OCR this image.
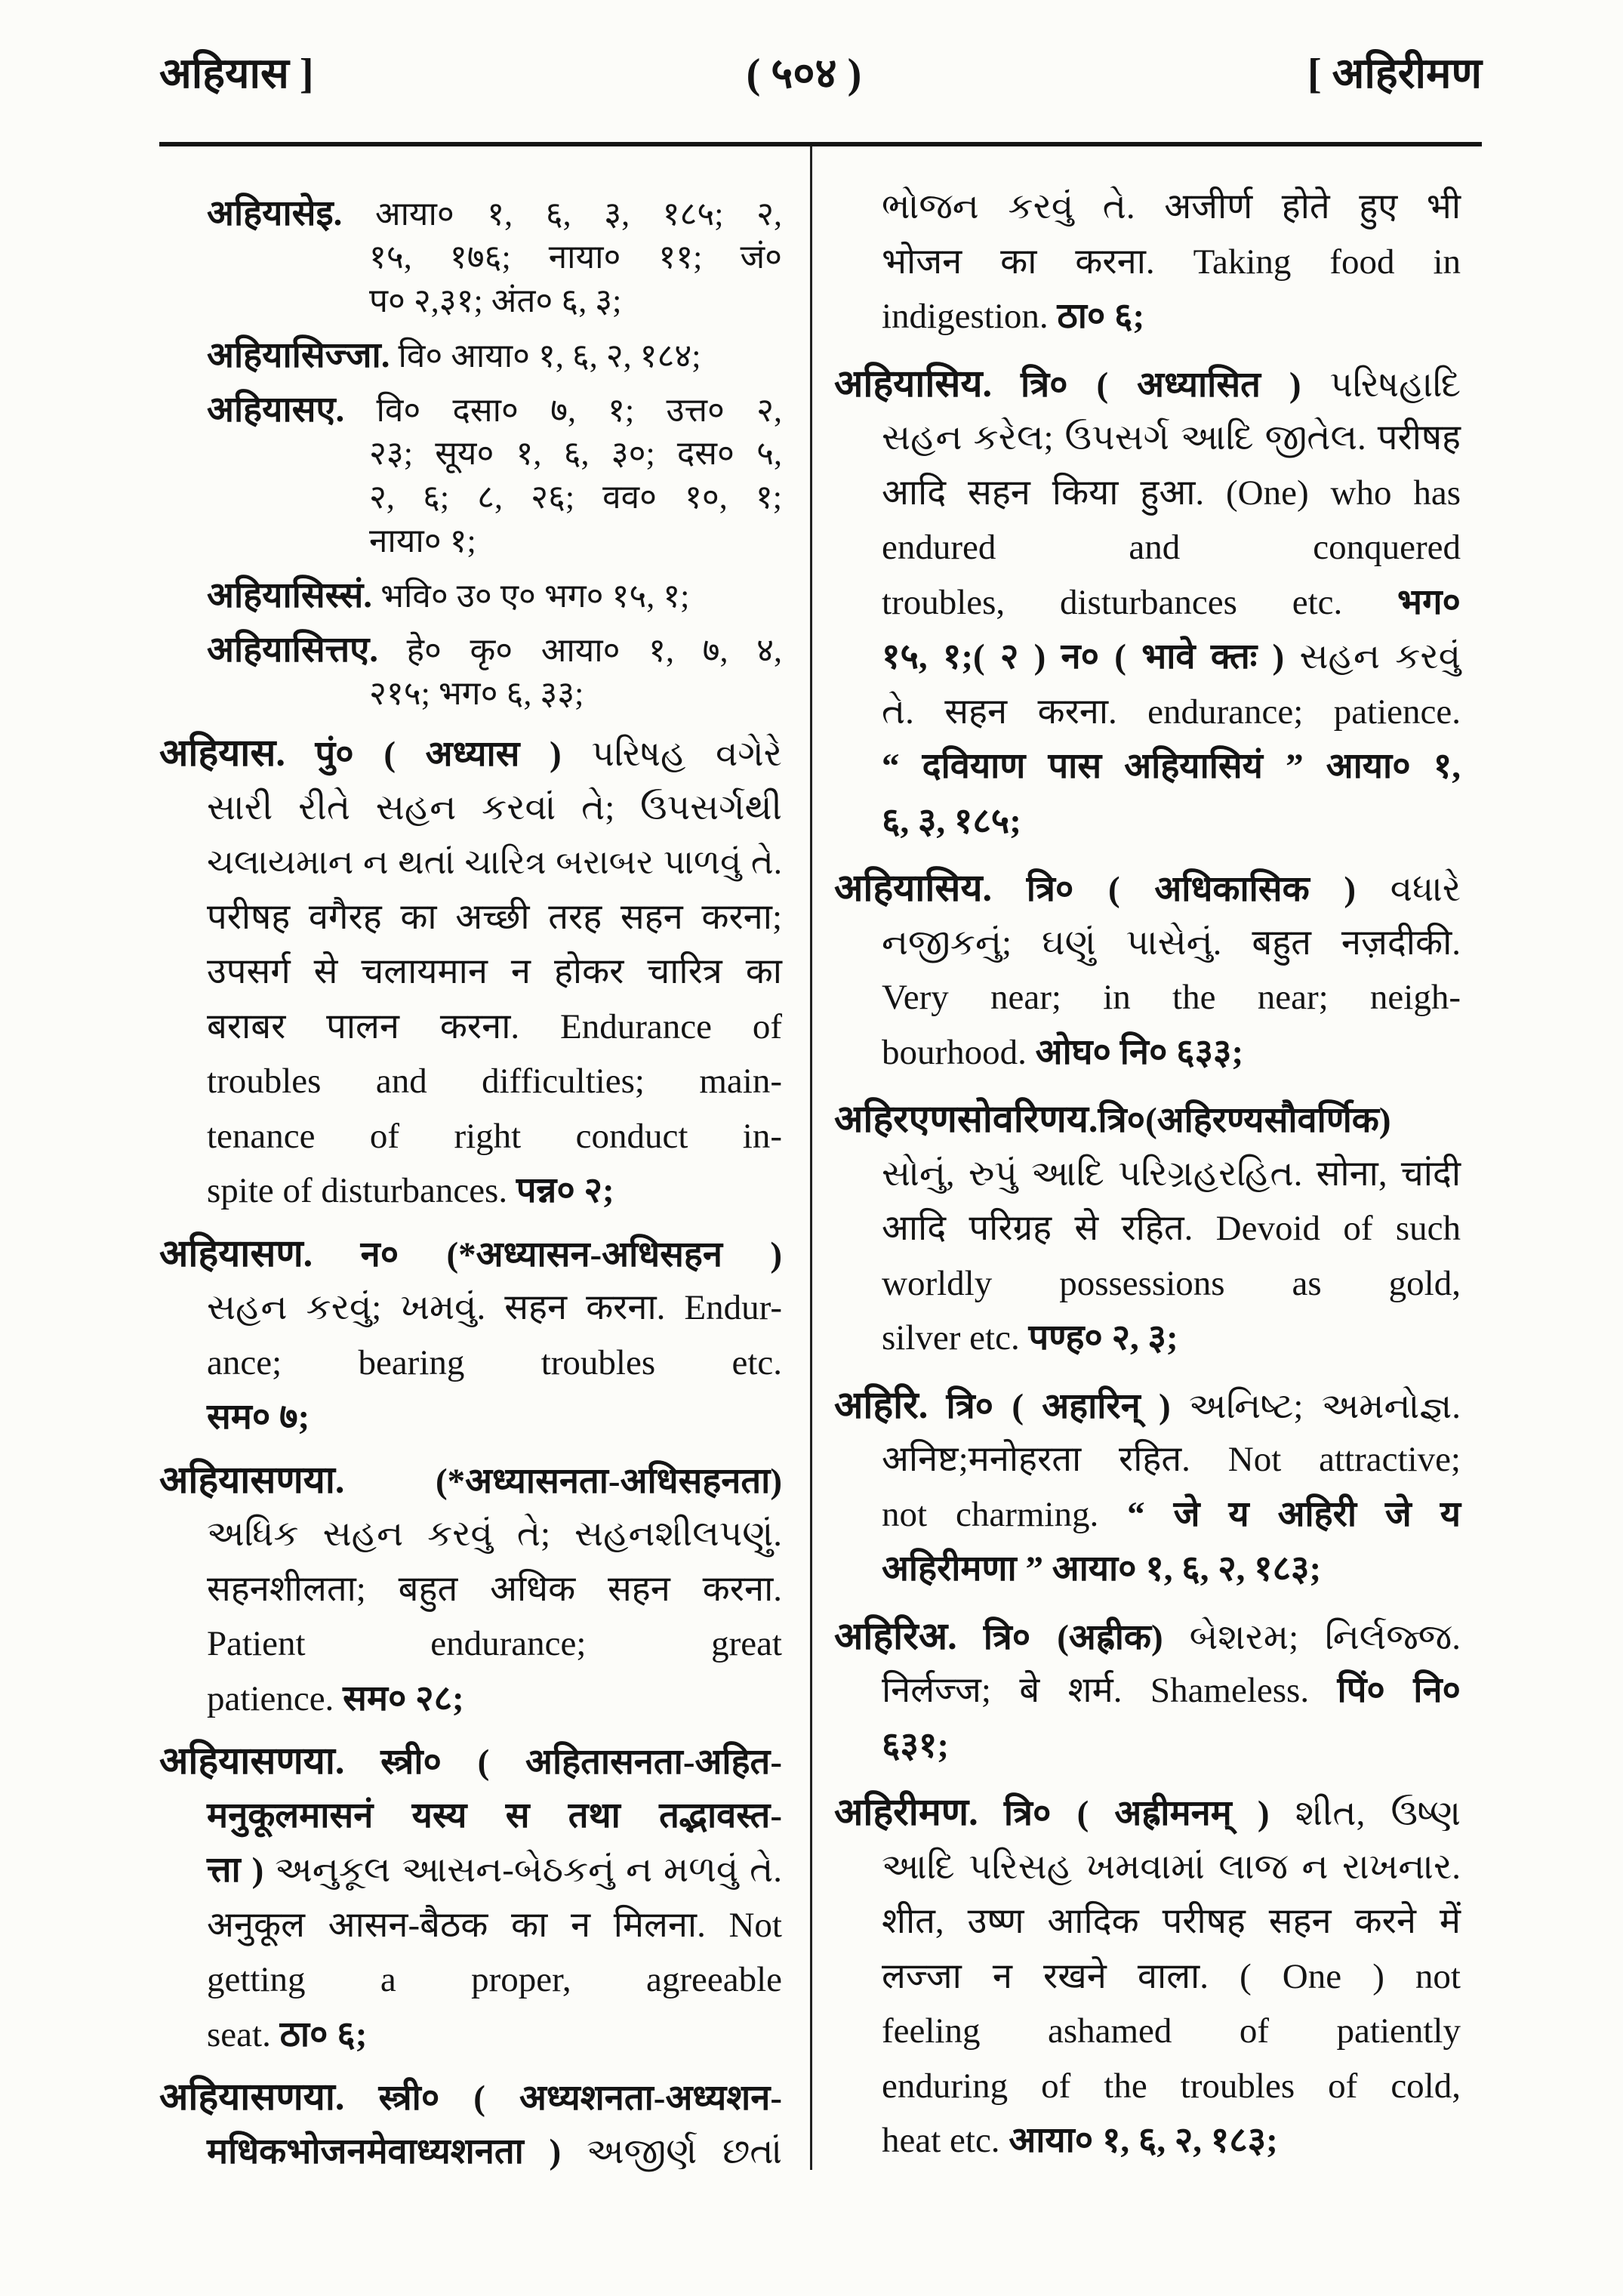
अहियास ]	( ५०४ )	[ अहिरीमण
अहियासेइ. आया० १, ६, ३, १८५; २,
१५, १७६; नाया० ११; जं०
प० २,३१; अंत० ६, ३;
अहियासिज्जा. वि० आया० १, ६, २, १८४;
अहियासए. वि० दसा० ७, १; उत्त० २,
२३; सूय० १, ६, ३०; दस० ५,
२, ६; ८, २६; वव० १०, १;
नाया० १;
अहियासिस्सं. भवि० उ० ए० भग० १५, १;
अहियासित्तए. हे० कृ० आया० १, ७, ४,
२१५; भग० ६, ३३;
अहियास. पुं० ( अध्यास ) પરિષહ વગેરે
સારી રીતે સહન કરવાં તે; ઉપસર્ગથી
ચલાયમાન ન થતાં ચારિત્ર બરાબર પાળવું તે.
परीषह वगैरह का अच्छी तरह सहन करना;
उपसर्ग से चलायमान न होकर चारित्र का
बराबर पालन करना. Endurance of
troubles and difficulties; main-
tenance of right conduct in-
spite of disturbances. पन्न० २;
अहियासण. न० (*अध्यासन-अधिसहन )
સહન કરવું; ખમવું. सहन करना. Endur-
ance; bearing troubles etc.
सम० ७;
अहियासणया. (*अध्यासनता-अधिसहनता)
અધિક સહન કરવું તે; સહનશીલપણું.
सहनशीलता; बहुत अधिक सहन करना.
Patient endurance; great
patience. सम० २८;
अहियासणया. स्त्री० ( अहितासनता-अहित-
मनुकूलमासनं यस्य स तथा तद्भावस्त-
त्ता ) અનુકૂલ આસન-બેઠકનું ન મળવું તે.
अनुकूल आसन-बैठक का न मिलना. Not
getting a proper, agreeable
seat. ठा० ६;
अहियासणया. स्त्री० ( अध्यशनता-अध्यशन-
मधिकभोजनमेवाध्यशनता ) અજીર્ણ છતાં
ભોજન કરવું તે. अजीर्ण होते हुए भी
भोजन का करना. Taking food in
indigestion. ठा० ६;
अहियासिय. त्रि० ( अध्यासित ) પરિષહાદિ
સહન કરેલ; ઉપસર્ગ આદિ જીતેલ. परीषह
आदि सहन किया हुआ. (One) who has
endured and conquered
troubles, disturbances etc. भग०
१५, १;( २ ) न० ( भावे क्तः ) સહન કરવું
તે. सहन करना. endurance; patience.
“ दवियाण पास अहियासियं ” आया० १,
६, ३, १८५;
अहियासिय. त्रि० ( अधिकासिक ) વધારે
નજીકનું; ઘણું પાસેનું. बहुत नज़दीकी.
Very near; in the near; neigh-
bourhood. ओघ० नि० ६३३;
अहिरएणसोवरिणय.त्रि०(अहिरण्यसौवर्णिक)
સોનું, રુપું આદિ પરિગ્રહરહિત. सोना, चांदी
आदि परिग्रह से रहित. Devoid of such
worldly possessions as gold,
silver etc. पण्ह० २, ३;
अहिरि. त्रि० ( अहारिन् ) અનિષ્ટ; અમનોજ્ઞ.
अनिष्ट;मनोहरता रहित. Not attractive;
not charming. “ जे य अहिरी जे य
अहिरीमणा ” आया० १, ६, २, १८३;
अहिरिअ. त्रि० (अह्रीक) બેશરમ; નિર્લજ્જ.
निर्लज्ज; बे शर्म. Shameless. पिं० नि०
६३१;
अहिरीमण. त्रि० ( अह्रीमनम् ) શીત, ઉષ્ણ
આદિ પરિસહ ખમવામાં લાજ ન રાખનાર.
शीत, उष्ण आदिक परीषह सहन करने में
लज्जा न रखने वाला. ( One ) not
feeling ashamed of patiently
enduring of the troubles of cold,
heat etc. आया० १, ६, २, १८३;
